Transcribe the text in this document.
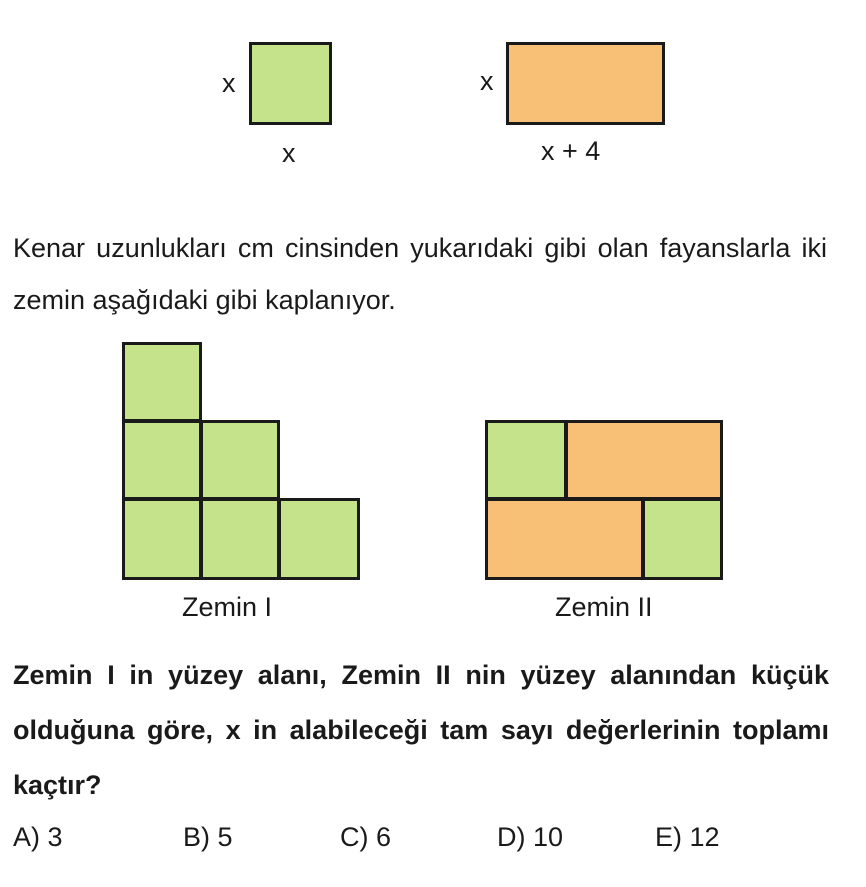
x
x
x
x + 4
Kenar uzunlukları cm cinsinden yukarıdaki gibi olan fayanslarla iki zemin aşağıdaki gibi kaplanıyor.
Zemin I	Zemin II
Zemin I in yüzey alanı, Zemin II nin yüzey alanından küçük olduğuna göre, x in alabileceği tam sayı değerlerinin toplamı kaçtır?
A) 3	B) 5	C) 6	D) 10	E) 12
